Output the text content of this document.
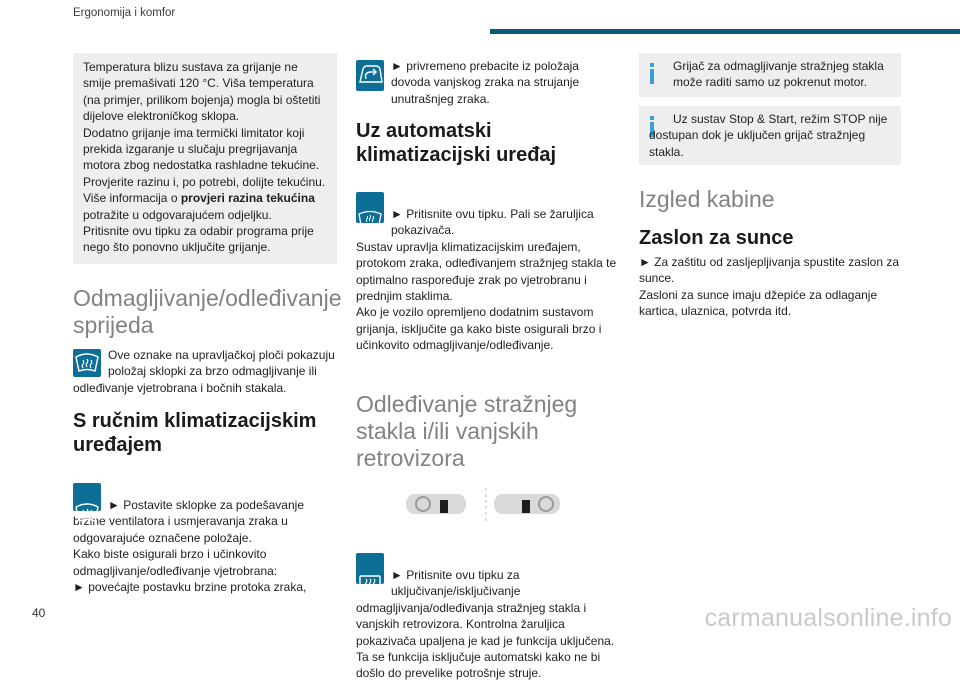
Ergonomija i komfor
Temperatura blizu sustava za grijanje ne smije premašivati 120 °C. Viša temperatura (na primjer, prilikom bojenja) mogla bi oštetiti dijelove elektroničkog sklopa.
Dodatno grijanje ima termički limitator koji prekida izgaranje u slučaju pregrijavanja motora zbog nedostatka rashladne tekućine.
Provjerite razinu i, po potrebi, dolijte tekućinu.
Više informacija o provjeri razina tekućina potražite u odgovarajućem odjeljku.
Pritisnite ovu tipku za odabir programa prije nego što ponovno uključite grijanje.
Odmagljivanje/odleđivanje sprijeda

Ove oznake na upravljačkoj ploči pokazuju položaj sklopki za brzo odmagljivanje ili odleđivanje vjetrobrana i bočnih stakala.

S ručnim klimatizacijskim uređajem

► Postavite sklopke za podešavanje brzine ventilatora i usmjeravanja zraka u odgovarajuće označene položaje.
Kako biste osigurali brzo i učinkovito odmagljivanje/odleđivanje vjetrobrana:
► povećajte postavku brzine protoka zraka,

► privremeno prebacite iz položaja dovoda vanjskog zraka na strujanje unutrašnjeg zraka.

Uz automatski klimatizacijski uređaj

MAX

► Pritisnite ovu tipku. Pali se žaruljica pokazivača.
Sustav upravlja klimatizacijskim uređajem, protokom zraka, odleđivanjem stražnjeg stakla te optimalno raspoređuje zrak po vjetrobranu i prednjim staklima.
Ako je vozilo opremljeno dodatnim sustavom grijanja, isključite ga kako biste osigurali brzo i učinkovito odmagljivanje/odleđivanje.

Odleđivanje stražnjeg stakla i/ili vanjskih retrovizora

► Pritisnite ovu tipku za uključivanje/isključivanje odmagljivanja/odleđivanja stražnjeg stakla i vanjskih retrovizora. Kontrolna žaruljica pokazivača upaljena je kad je funkcija uključena.
Ta se funkcija isključuje automatski kako ne bi došlo do prevelike potrošnje struje.

Grijač za odmagljivanje stražnjeg stakla može raditi samo uz pokrenut motor.
Uz sustav Stop & Start, režim STOP nije dostupan dok je uključen grijač stražnjeg stakla.
Izgled kabine
Zaslon za sunce

► Za zaštitu od zasljepljivanja spustite zaslon za sunce.
Zasloni za sunce imaju džepiće za odlaganje kartica, ulaznica, potvrda itd.

40	carmanualsonline.info
